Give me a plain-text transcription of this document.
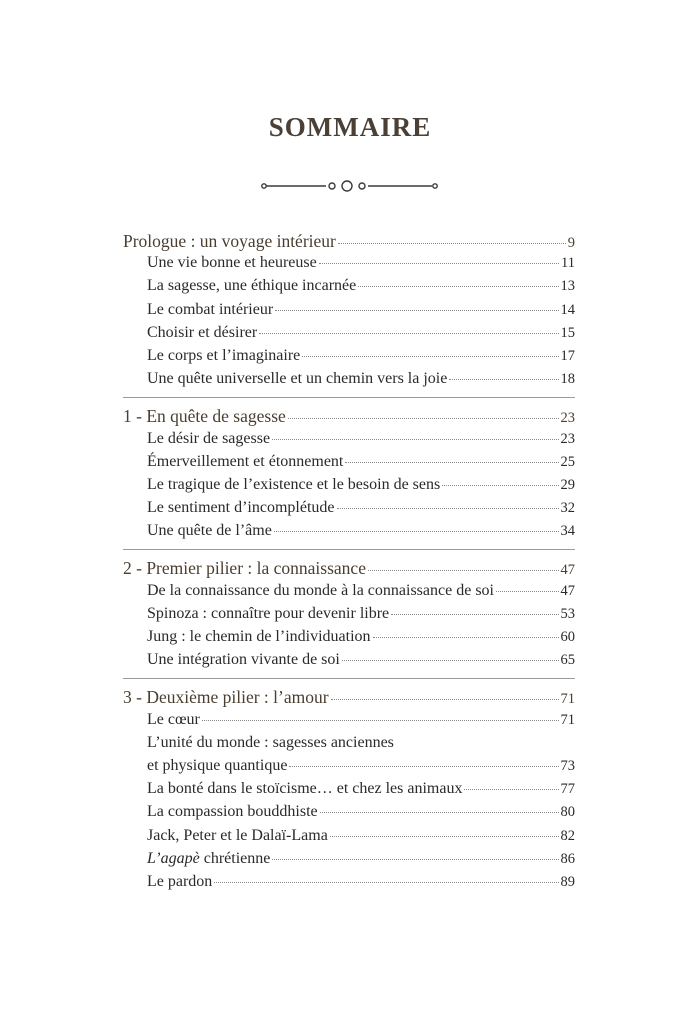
SOMMAIRE
Prologue : un voyage intérieur	9
Une vie bonne et heureuse	11
La sagesse, une éthique incarnée	13
Le combat intérieur	14
Choisir et désirer	15
Le corps et l’imaginaire	17
Une quête universelle et un chemin vers la joie	18
1 - En quête de sagesse	23
Le désir de sagesse	23
Émerveillement et étonnement	25
Le tragique de l’existence et le besoin de sens	29
Le sentiment d’incomplétude	32
Une quête de l’âme	34
2 - Premier pilier : la connaissance	47
De la connaissance du monde à la connaissance de soi	47
Spinoza : connaître pour devenir libre	53
Jung : le chemin de l’individuation	60
Une intégration vivante de soi	65
3 - Deuxième pilier : l’amour	71
Le cœur	71
L’unité du monde : sagesses anciennes
et physique quantique	73
La bonté dans le stoïcisme… et chez les animaux	77
La compassion bouddhiste	80
Jack, Peter et le Dalaï-Lama	82
L’agapè chrétienne	86
Le pardon	89
